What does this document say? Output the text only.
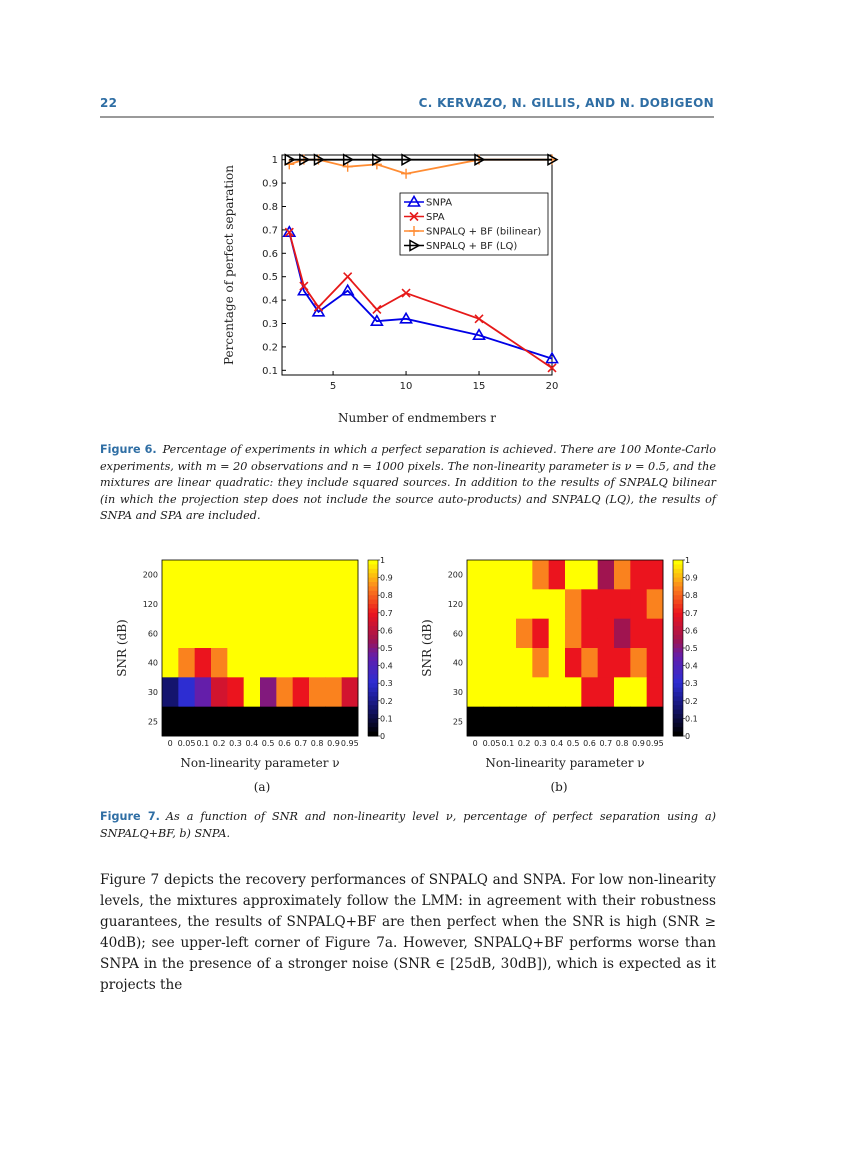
22	C. KERVAZO, N. GILLIS, AND N. DOBIGEON
0.1
0.2
0.3
0.4
0.5
0.6
0.7
0.8
0.9
1
5	10	15	20
Number of endmembers r
Percentage of perfect separation	SNPA
SPA
SNPALQ + BF (bilinear)
SNPALQ + BF (LQ)
Figure 6. Percentage of experiments in which a perfect separation is achieved. There are 100 Monte-Carlo experiments, with m = 20 observations and n = 1000 pixels. The non-linearity parameter is ν = 0.5, and the mixtures are linear quadratic: they include squared sources. In addition to the results of SNPALQ bilinear (in which the projection step does not include the source auto-products) and SNPALQ (LQ), the results of SNPA and SPA are included.
200
120
60
40
30
25
0 0.05 0.1 0.2 0.3 0.4 0.5 0.6 0.7 0.8 0.9 0.95
Non-linearity parameter ν
SNR (dB)
1
0.9
0.8
0.7
0.6
0.5
0.4
0.3
0.2
0.1
0
200
120
60
40
30
25
0 0.05 0.1 0.2 0.3 0.4 0.5 0.6 0.7 0.8 0.9 0.95
Non-linearity parameter ν
SNR (dB)
1
0.9
0.8
0.7
0.6
0.5
0.4
0.3
0.2
0.1
0
(a)	(b)
Figure 7. As a function of SNR and non-linearity level ν, percentage of perfect separation using a) SNPALQ+BF, b) SNPA.
Figure 7 depicts the recovery performances of SNPALQ and SNPA. For low non-linearity levels, the mixtures approximately follow the LMM: in agreement with their robustness guarantees, the results of SNPALQ+BF are then perfect when the SNR is high (SNR ≥ 40dB); see upper-left corner of Figure 7a. However, SNPALQ+BF performs worse than SNPA in the presence of a stronger noise (SNR ∈ [25dB, 30dB]), which is expected as it projects the
